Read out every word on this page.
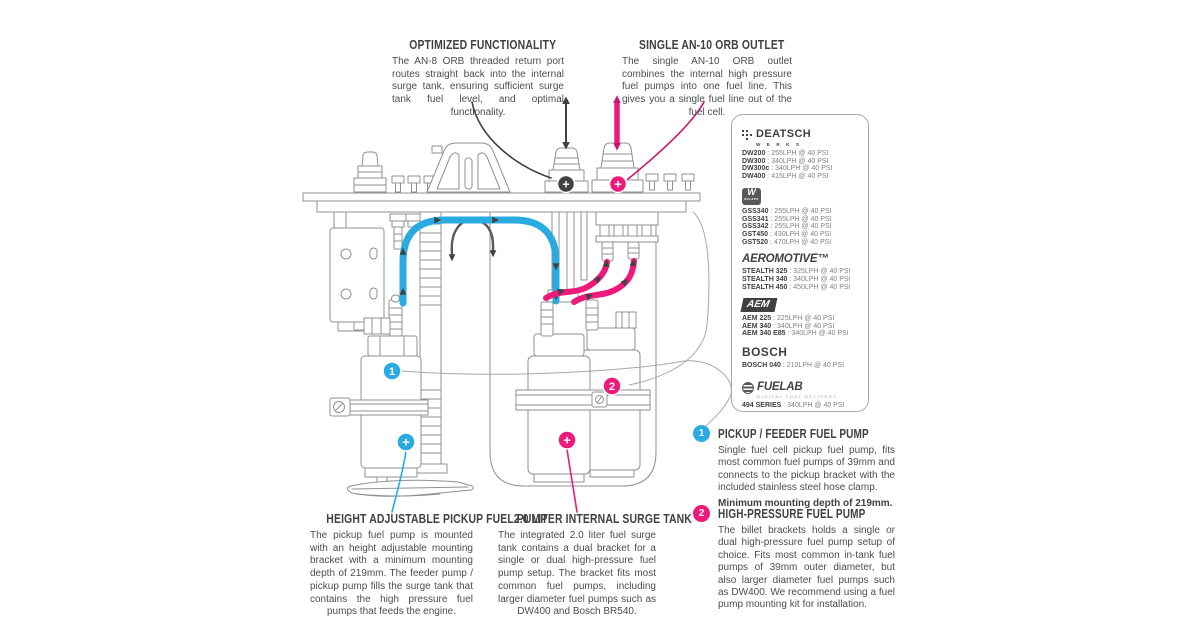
+	+
1
2
+	+
OPTIMIZED FUNCTIONALITY
The AN-8 ORB threaded return port routes straight back into the internal surge tank, ensuring sufficient surge tank fuel level, and optimal functionality.
SINGLE AN-10 ORB OUTLET
The single AN-10 ORB outlet combines the internal high pressure fuel pumps into one fuel line. This gives you a single fuel line out of the fuel cell.
HEIGHT ADJUSTABLE PICKUP FUEL PUMP
The pickup fuel pump is mounted with an height adjustable mounting bracket with a minimum mounting depth of 219mm. The feeder pump / pickup pump fills the surge tank that contains the high pressure fuel pumps that feeds the engine.
2.0 LITER INTERNAL SURGE TANK
The integrated 2.0 liter fuel surge tank contains a dual bracket for a single or dual high-pressure fuel pump setup. The bracket fits most common fuel pumps, including larger diameter fuel pumps such as DW400 and Bosch BR540.
1	PICKUP / FEEDER FUEL PUMP
Single fuel cell pickup fuel pump, fits most common fuel pumps of 39mm and connects to the pickup bracket with the included stainless steel hose clamp.
Minimum mounting depth of 219mm.
2	HIGH-PRESSURE FUEL PUMP
The billet brackets holds a single or dual high-pressure fuel pump setup of choice. Fits most common in-tank fuel pumps of 39mm outer diameter, but also larger diameter fuel pumps such as DW400. We recommend using a fuel pump mounting kit for installation.
DEATSCH
W E R K S
DW200 : 255LPH @ 40 PSI
DW300 : 340LPH @ 40 PSI
DW300c : 340LPH @ 40 PSI
DW400 : 415LPH @ 40 PSI
W
WALBRO
GSS340 : 255LPH @ 40 PSI
GSS341 : 255LPH @ 40 PSI
GSS342 : 255LPH @ 40 PSI
GST450 : 430LPH @ 40 PSI
GST520 : 470LPH @ 40 PSI
AEROMOTIVE™
STEALTH 325 : 325LPH @ 40 PSI
STEALTH 340 : 340LPH @ 40 PSI
STEALTH 450 : 450LPH @ 40 PSI
AEM
AEM 225 : 225LPH @ 40 PSI
AEM 340 : 340LPH @ 40 PSI
AEM 340 E85 : 340LPH @ 40 PSI
BOSCH
BOSCH 040 : 210LPH @ 40 PSI
FUELAB
DIGITAL FUEL DELIVERY
494 SERIES : 340LPH @ 40 PSI
